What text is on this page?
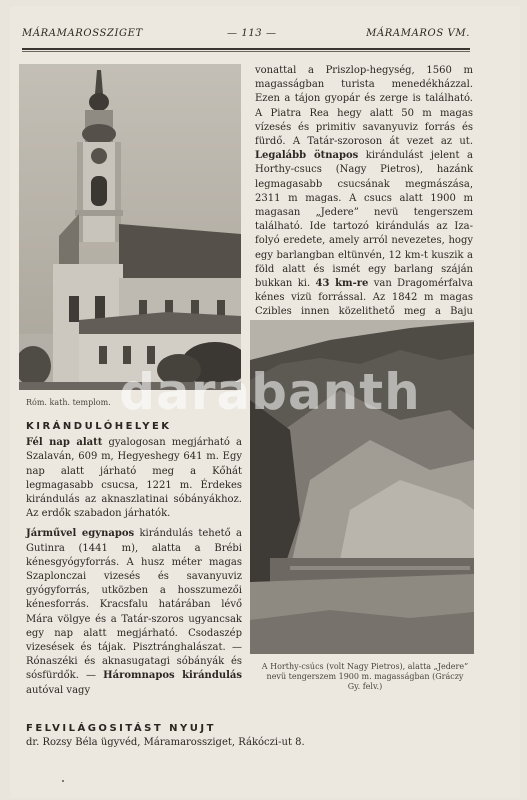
MÁRAMAROSSZIGET	— 113 —	MÁRAMAROS VM.
Róm. kath. templom.

vonattal a Priszlop-hegység, 1560 m magasságban turista menedékházzal. Ezen a tájon gyopár és zerge is található. A Piatra Rea hegy alatt 50 m magas vízesés és primitiv savanyuviz forrás és fürdő. A Tatár-szoroson át vezet az ut. Legalább ötnapos kirándulást jelent a Horthy-csucs (Nagy Pietros), hazánk legmagasabb csucsának megmászása, 2311 m magas. A csucs alatt 1900 m magasan „Jedere” nevü tengerszem található. Ide tartozó kirándulás az Iza-folyó eredete, amely arról nevezetes, hogy egy barlangban eltünvén, 12 km-t kuszik a föld alatt és ismét egy barlang száján bukkan ki. 43 km-re van Dragomérfalva kénes vizü forrással. Az 1842 m magas Czibles innen közelithető meg a Baju

A Horthy-csúcs (volt Nagy Pietros), alatta „Jedere” nevü tengerszem 1900 m. magasságban (Gráczy Gy. felv.)
KIRÁNDULÓHELYEK

Fél nap alatt gyalogosan megjárható a Szalaván, 609 m, Hegyeshegy 641 m. Egy nap alatt járható meg a Kőhát legmagasabb csucsa, 1221 m. Érdekes kirándulás az aknaszlatinai sóbányákhoz. Az erdők szabadon járhatók.

Járművel egynapos kirándulás tehető a Gutinra (1441 m), alatta a Brébi kénesgyógyforrás. A husz méter magas Szaplonczai vizesés és savanyuviz gyógyforrás, utközben a hosszumezői kénesforrás. Kracsfalu határában lévő Mára völgye és a Tatár-szoros ugyancsak egy nap alatt megjárható. Csodaszép vizesések és tájak. Pisztránghalászat. — Rónaszéki és aknasugatagi sóbányák és sósfürdők. — Háromnapos kirándulás autóval vagy

FELVILÁGOSITÁST NYUJT
dr. Rozsy Béla ügyvéd, Máramarossziget, Rákóczi-ut 8.
darabanth
